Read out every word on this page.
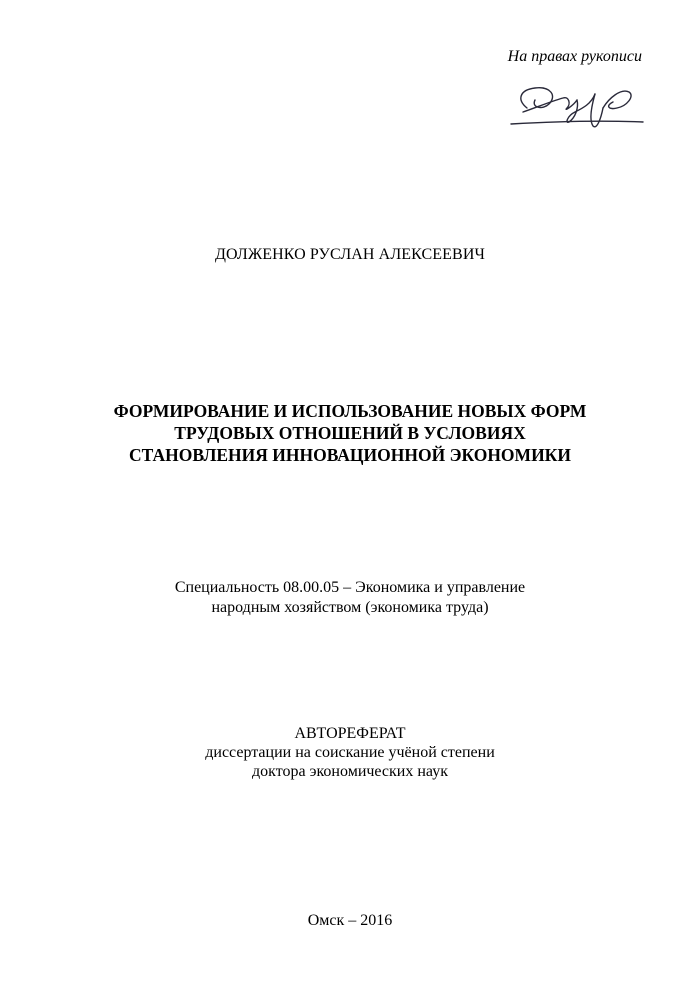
На правах рукописи
ДОЛЖЕНКО РУСЛАН АЛЕКСЕЕВИЧ
ФОРМИРОВАНИЕ И ИСПОЛЬЗОВАНИЕ НОВЫХ ФОРМ
ТРУДОВЫХ ОТНОШЕНИЙ В УСЛОВИЯХ
СТАНОВЛЕНИЯ ИННОВАЦИОННОЙ ЭКОНОМИКИ
Специальность 08.00.05 – Экономика и управление
народным хозяйством (экономика труда)
АВТОРЕФЕРАТ
диссертации на соискание учёной степени
доктора экономических наук
Омск – 2016
